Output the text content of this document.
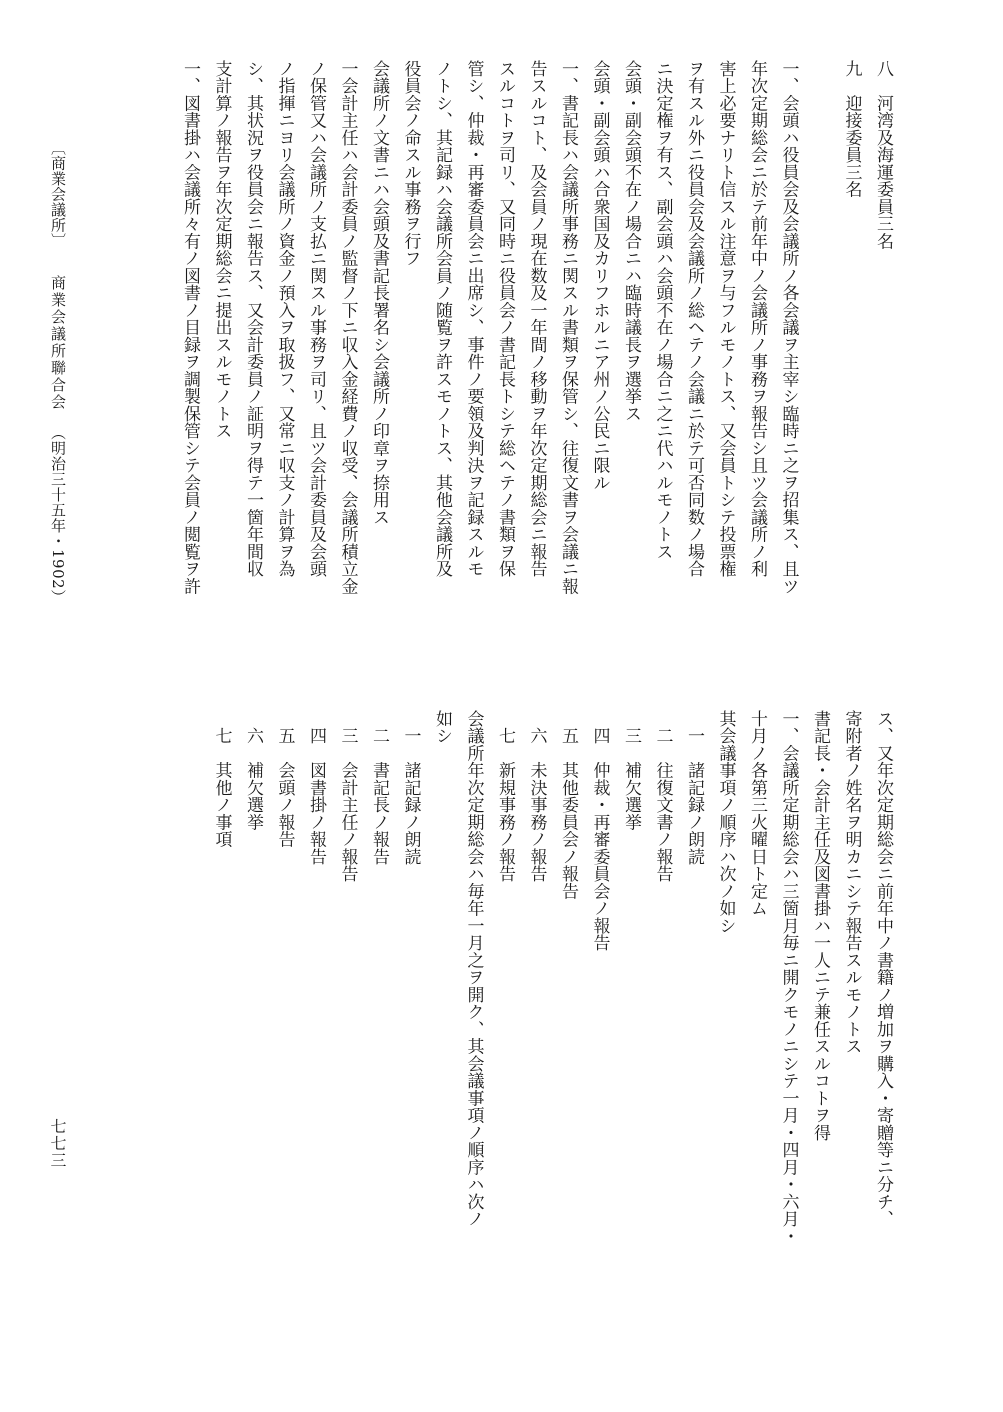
八　河湾及海運委員三名

九　迎接委員三名

一、会頭ハ役員会及会議所ノ各会議ヲ主宰シ臨時ニ之ヲ招集ス、且ツ

年次定期総会ニ於テ前年中ノ会議所ノ事務ヲ報告シ且ツ会議所ノ利

害上必要ナリト信スル注意ヲ与フルモノトス、又会員トシテ投票権

ヲ有スル外ニ役員会及会議所ノ総ヘテノ会議ニ於テ可否同数ノ場合

ニ決定権ヲ有ス、副会頭ハ会頭不在ノ場合ニ之ニ代ハルモノトス

会頭・副会頭不在ノ場合ニハ臨時議長ヲ選挙ス

会頭・副会頭ハ合衆国及カリフホルニア州ノ公民ニ限ル

一、書記長ハ会議所事務ニ関スル書類ヲ保管シ、往復文書ヲ会議ニ報

告スルコト、及会員ノ現在数及一年間ノ移動ヲ年次定期総会ニ報告

スルコトヲ司リ、又同時ニ役員会ノ書記長トシテ総ヘテノ書類ヲ保

管シ、仲裁・再審委員会ニ出席シ、事件ノ要領及判決ヲ記録スルモ

ノトシ、其記録ハ会議所会員ノ随覧ヲ許スモノトス、其他会議所及

役員会ノ命スル事務ヲ行フ

会議所ノ文書ニハ会頭及書記長署名シ会議所ノ印章ヲ捺用ス

一会計主任ハ会計委員ノ監督ノ下ニ収入金経費ノ収受、会議所積立金

ノ保管又ハ会議所ノ支払ニ関スル事務ヲ司リ、且ツ会計委員及会頭

ノ指揮ニヨリ会議所ノ資金ノ預入ヲ取扱フ、又常ニ収支ノ計算ヲ為

シ、其状況ヲ役員会ニ報告ス、又会計委員ノ証明ヲ得テ一箇年間収

支計算ノ報告ヲ年次定期総会ニ提出スルモノトス

一、図書掛ハ会議所々有ノ図書ノ目録ヲ調製保管シテ会員ノ閲覧ヲ許

ス、又年次定期総会ニ前年中ノ書籍ノ増加ヲ購入・寄贈等ニ分チ、

寄附者ノ姓名ヲ明カニシテ報告スルモノトス

書記長・会計主任及図書掛ハ一人ニテ兼任スルコトヲ得

一、会議所定期総会ハ三箇月毎ニ開クモノニシテ一月・四月・六月・

十月ノ各第三火曜日ト定ム

其会議事項ノ順序ハ次ノ如シ

　一　諸記録ノ朗読

　二　往復文書ノ報告

　三　補欠選挙

　四　仲裁・再審委員会ノ報告

　五　其他委員会ノ報告

　六　未決事務ノ報告

　七　新規事務ノ報告

会議所年次定期総会ハ毎年一月之ヲ開ク、其会議事項ノ順序ハ次ノ

如シ

　一　諸記録ノ朗読

　二　書記長ノ報告

　三　会計主任ノ報告

　四　図書掛ノ報告

　五　会頭ノ報告

　六　補欠選挙

　七　其他ノ事項

〔商業会議所〕
商業会議所聯合会
（明治三十五年・1902）
七七三
